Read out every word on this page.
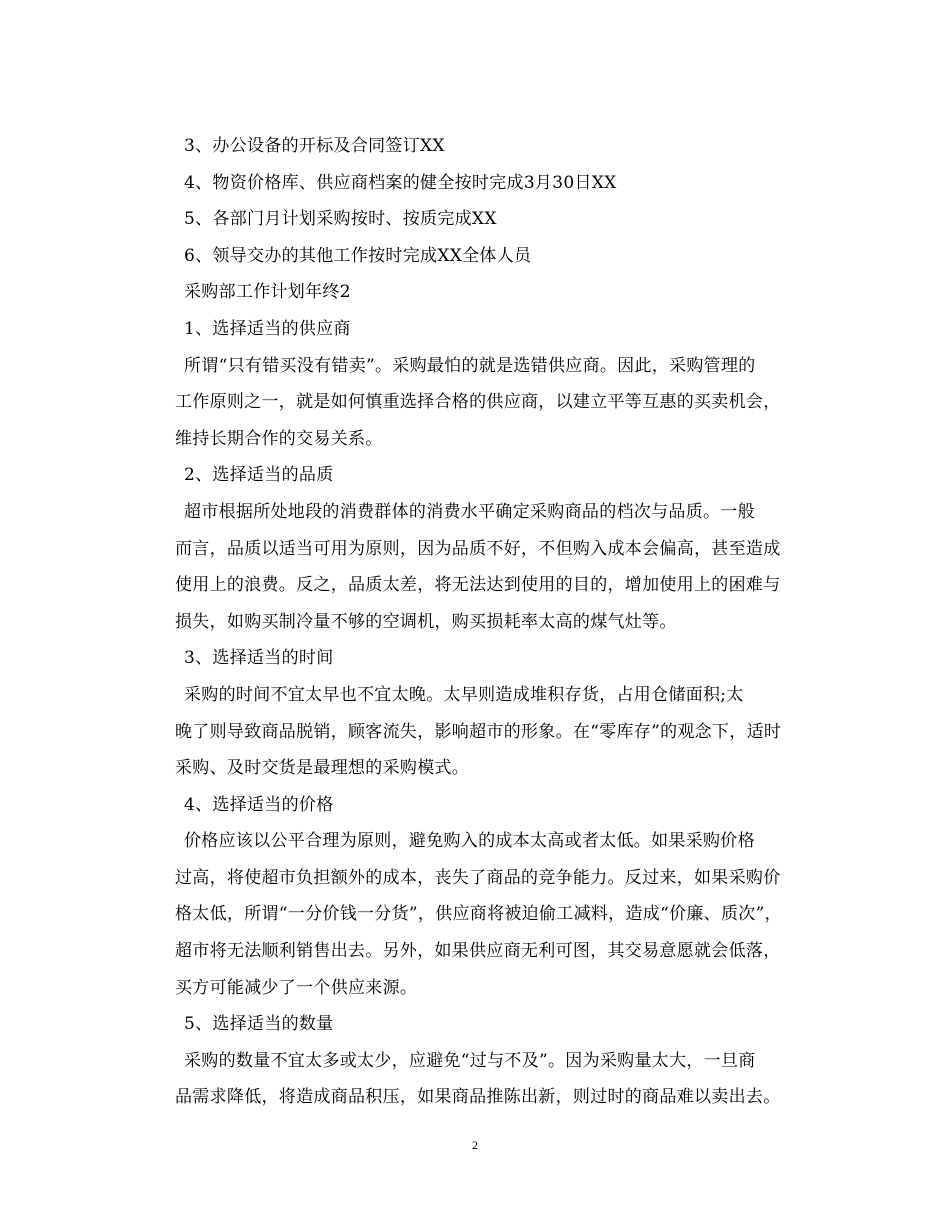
3、办公设备的开标及合同签订XX

4、物资价格库、供应商档案的健全按时完成3月30日XX

5、各部门月计划采购按时、按质完成XX

6、领导交办的其他工作按时完成XX全体人员

采购部工作计划年终2

1、选择适当的供应商

所谓“只有错买没有错卖”。采购最怕的就是选错供应商。因此，采购管理的
工作原则之一，就是如何慎重选择合格的供应商，以建立平等互惠的买卖机会，
维持长期合作的交易关系。

2、选择适当的品质

超市根据所处地段的消费群体的消费水平确定采购商品的档次与品质。一般
而言，品质以适当可用为原则，因为品质不好，不但购入成本会偏高，甚至造成
使用上的浪费。反之，品质太差，将无法达到使用的目的，增加使用上的困难与
损失，如购买制冷量不够的空调机，购买损耗率太高的煤气灶等。

3、选择适当的时间

采购的时间不宜太早也不宜太晚。太早则造成堆积存货，占用仓储面积;太
晚了则导致商品脱销，顾客流失，影响超市的形象。在“零库存”的观念下，适时
采购、及时交货是最理想的采购模式。

4、选择适当的价格

价格应该以公平合理为原则，避免购入的成本太高或者太低。如果采购价格
过高，将使超市负担额外的成本，丧失了商品的竞争能力。反过来，如果采购价
格太低，所谓“一分价钱一分货”，供应商将被迫偷工减料，造成“价廉、质次”，
超市将无法顺利销售出去。另外，如果供应商无利可图，其交易意愿就会低落，
买方可能减少了一个供应来源。

5、选择适当的数量

采购的数量不宜太多或太少，应避免“过与不及”。因为采购量太大，一旦商
品需求降低，将造成商品积压，如果商品推陈出新，则过时的商品难以卖出去。

2
